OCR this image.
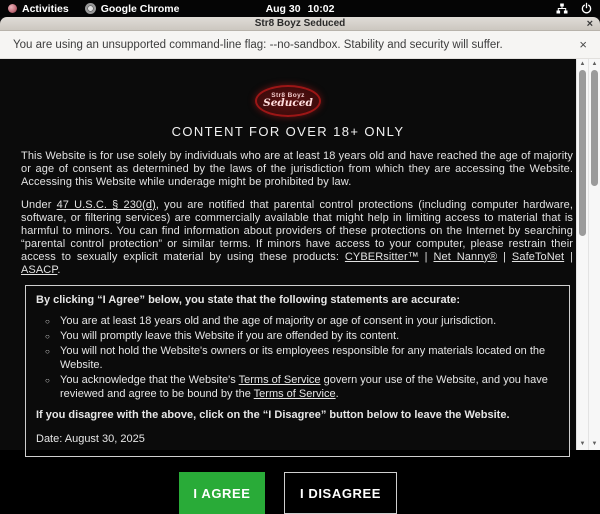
Activities	Google Chrome	Aug 30 10:02
Str8 Boyz Seduced	×
You are using an unsupported command-line flag: --no-sandbox. Stability and security will suffer.	×
Str8 Boyz
Seduced
CONTENT FOR OVER 18+ ONLY

This Website is for use solely by individuals who are at least 18 years old and have reached the age of majority or age of consent as determined by the laws of the jurisdiction from which they are accessing the Website. Accessing this Website while underage might be prohibited by law.

Under 47 U.S.C. § 230(d), you are notified that parental control protections (including computer hardware, software, or filtering services) are commercially available that might help in limiting access to material that is harmful to minors. You can find information about providers of these protections on the Internet by searching “parental control protection” or similar terms. If minors have access to your computer, please restrain their access to sexually explicit material by using these products: CYBERsitter™ | Net Nanny® | SafeToNet | ASACP.

By clicking “I Agree” below, you state that the following statements are accurate:
○ You are at least 18 years old and the age of majority or age of consent in your jurisdiction.
○ You will promptly leave this Website if you are offended by its content.
○ You will not hold the Website's owners or its employees responsible for any materials located on the Website.
○ You acknowledge that the Website's Terms of Service govern your use of the Website, and you have reviewed and agree to be bound by the Terms of Service.
If you disagree with the above, click on the “I Disagree” button below to leave the Website.
Date: August 30, 2025
I AGREE	I DISAGREE
▲
▼
▲
▼
